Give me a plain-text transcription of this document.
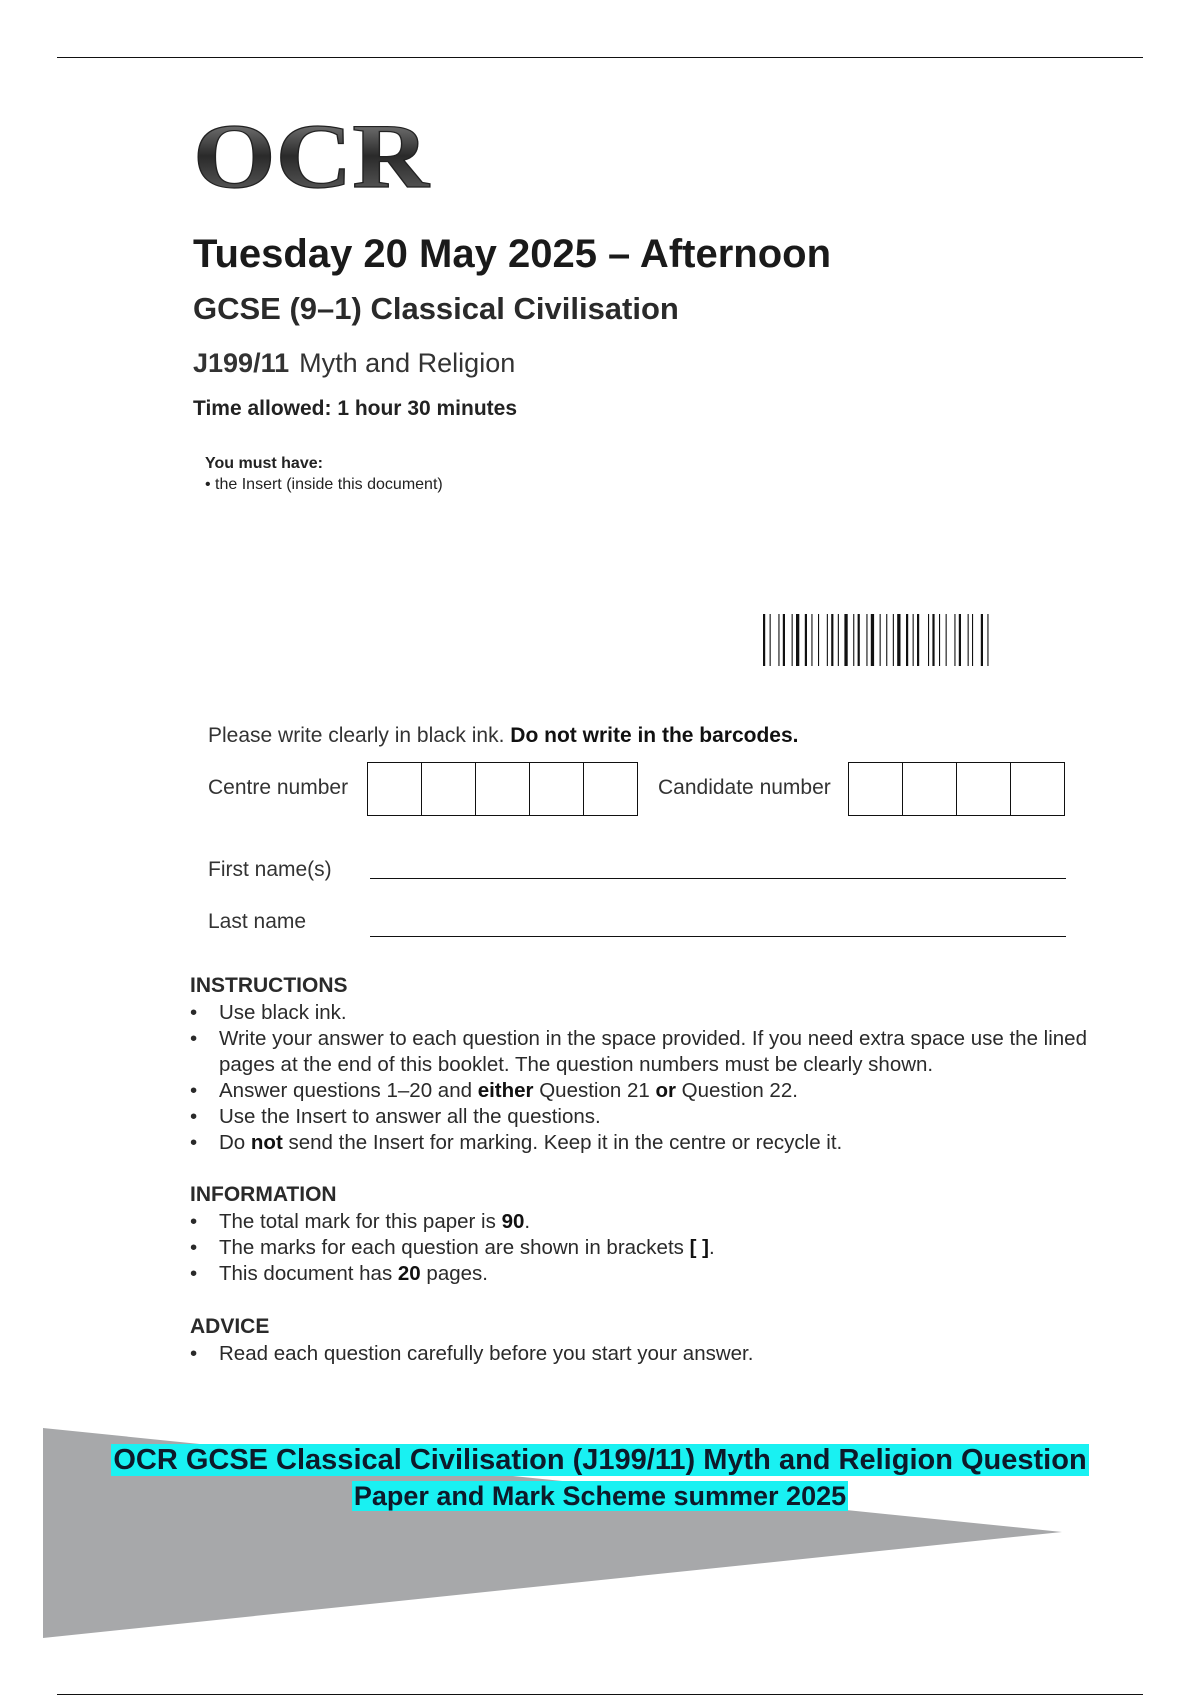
OCR
Tuesday 20 May 2025 – Afternoon
GCSE (9–1) Classical Civilisation
J199/11 Myth and Religion
Time allowed: 1 hour 30 minutes
You must have:
• the Insert (inside this document)
Please write clearly in black ink. Do not write in the barcodes.
Centre number	Candidate number
First name(s)
Last name
INSTRUCTIONS
• Use black ink.
• Write your answer to each question in the space provided. If you need extra space use the lined pages at the end of this booklet. The question numbers must be clearly shown.
• Answer questions 1–20 and either Question 21 or Question 22.
• Use the Insert to answer all the questions.
• Do not send the Insert for marking. Keep it in the centre or recycle it.
INFORMATION
• The total mark for this paper is 90.
• The marks for each question are shown in brackets [ ].
• This document has 20 pages.
ADVICE
• Read each question carefully before you start your answer.
OCR GCSE Classical Civilisation (J199/11) Myth and Religion Question
Paper and Mark Scheme summer 2025
